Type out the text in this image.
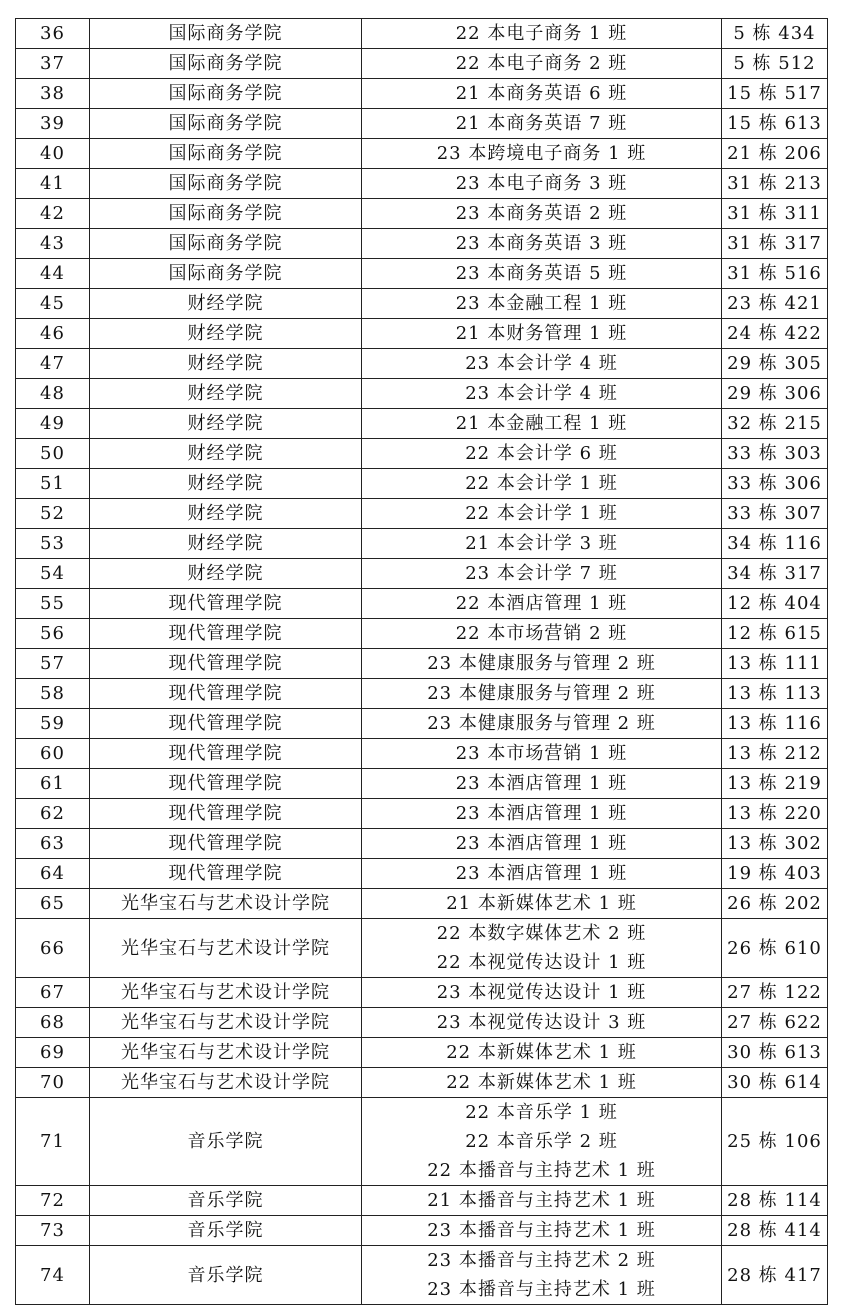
36	国际商务学院	22 本电子商务 1 班	5 栋 434
37	国际商务学院	22 本电子商务 2 班	5 栋 512
38	国际商务学院	21 本商务英语 6 班	15 栋 517
39	国际商务学院	21 本商务英语 7 班	15 栋 613
40	国际商务学院	23 本跨境电子商务 1 班	21 栋 206
41	国际商务学院	23 本电子商务 3 班	31 栋 213
42	国际商务学院	23 本商务英语 2 班	31 栋 311
43	国际商务学院	23 本商务英语 3 班	31 栋 317
44	国际商务学院	23 本商务英语 5 班	31 栋 516
45	财经学院	23 本金融工程 1 班	23 栋 421
46	财经学院	21 本财务管理 1 班	24 栋 422
47	财经学院	23 本会计学 4 班	29 栋 305
48	财经学院	23 本会计学 4 班	29 栋 306
49	财经学院	21 本金融工程 1 班	32 栋 215
50	财经学院	22 本会计学 6 班	33 栋 303
51	财经学院	22 本会计学 1 班	33 栋 306
52	财经学院	22 本会计学 1 班	33 栋 307
53	财经学院	21 本会计学 3 班	34 栋 116
54	财经学院	23 本会计学 7 班	34 栋 317
55	现代管理学院	22 本酒店管理 1 班	12 栋 404
56	现代管理学院	22 本市场营销 2 班	12 栋 615
57	现代管理学院	23 本健康服务与管理 2 班	13 栋 111
58	现代管理学院	23 本健康服务与管理 2 班	13 栋 113
59	现代管理学院	23 本健康服务与管理 2 班	13 栋 116
60	现代管理学院	23 本市场营销 1 班	13 栋 212
61	现代管理学院	23 本酒店管理 1 班	13 栋 219
62	现代管理学院	23 本酒店管理 1 班	13 栋 220
63	现代管理学院	23 本酒店管理 1 班	13 栋 302
64	现代管理学院	23 本酒店管理 1 班	19 栋 403
65	光华宝石与艺术设计学院	21 本新媒体艺术 1 班	26 栋 202
66	光华宝石与艺术设计学院	22 本数字媒体艺术 2 班
22 本视觉传达设计 1 班	26 栋 610
67	光华宝石与艺术设计学院	23 本视觉传达设计 1 班	27 栋 122
68	光华宝石与艺术设计学院	23 本视觉传达设计 3 班	27 栋 622
69	光华宝石与艺术设计学院	22 本新媒体艺术 1 班	30 栋 613
70	光华宝石与艺术设计学院	22 本新媒体艺术 1 班	30 栋 614
71	音乐学院	22 本音乐学 1 班
22 本音乐学 2 班
22 本播音与主持艺术 1 班	25 栋 106
72	音乐学院	21 本播音与主持艺术 1 班	28 栋 114
73	音乐学院	23 本播音与主持艺术 1 班	28 栋 414
74	音乐学院	23 本播音与主持艺术 2 班
23 本播音与主持艺术 1 班	28 栋 417
